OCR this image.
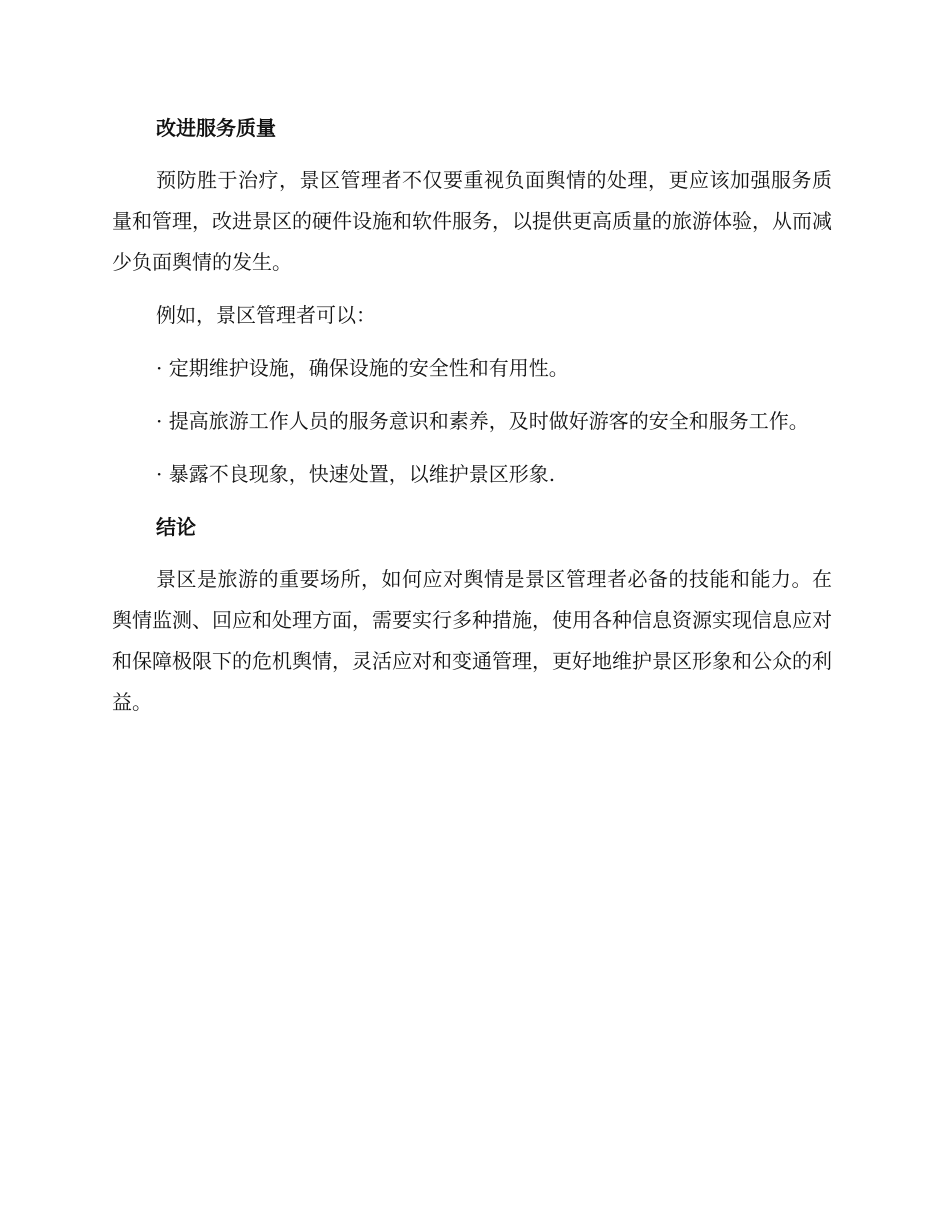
改进服务质量

预防胜于治疗，景区管理者不仅要重视负面舆情的处理，更应该加强服务质量和管理，改进景区的硬件设施和软件服务，以提供更高质量的旅游体验，从而减少负面舆情的发生。

例如，景区管理者可以：

· 定期维护设施，确保设施的安全性和有用性。

· 提高旅游工作人员的服务意识和素养，及时做好游客的安全和服务工作。

· 暴露不良现象，快速处置，以维护景区形象.

结论

景区是旅游的重要场所，如何应对舆情是景区管理者必备的技能和能力。在舆情监测、回应和处理方面，需要实行多种措施，使用各种信息资源实现信息应对和保障极限下的危机舆情，灵活应对和变通管理，更好地维护景区形象和公众的利益。
